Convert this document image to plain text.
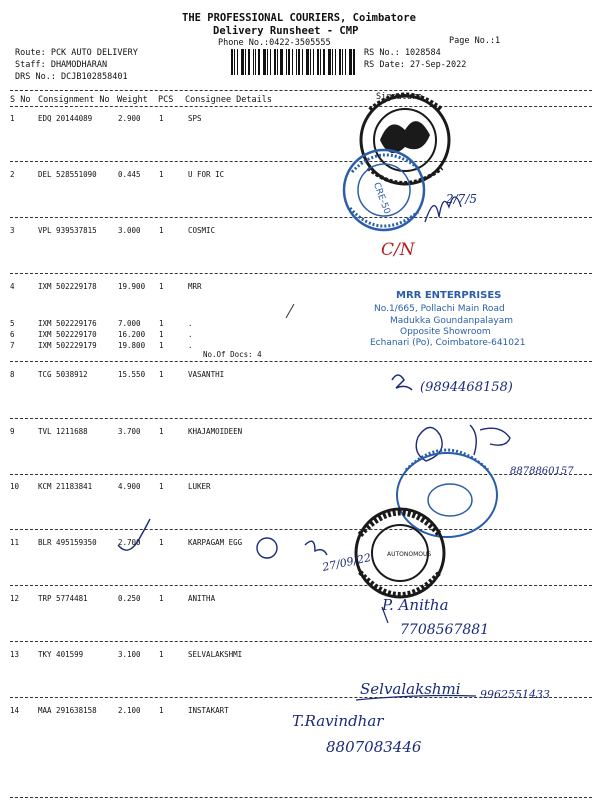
THE PROFESSIONAL COURIERS, Coimbatore
Delivery Runsheet - CMP
Phone No.:0422-3505555	Page No.:1
Route: PCK AUTO DELIVERY
Staff: DHAMODHARAN
DRS No.: DCJB102858401
RS No.: 1028584
RS Date: 27-Sep-2022
S No Consignment No Weight PCS Consignee Details	Signature
1	EDQ 20144089	2.900 1	SPS
2	DEL 528551090	0.445 1	U FOR IC
3	VPL 939537815	3.000 1	COSMIC
4	IXM 502229178	19.900 1	MRR
5	IXM 502229176	7.000 1	.
6	IXM 502229170	16.200 1	.
7	IXM 502229179	19.800 1	.
8	TCG 5038912	15.550 1	VASANTHI
9	TVL 1211688	3.700 1	KHAJAMOIDEEN
10	KCM 21183841	4.900 1	LUKER
11	BLR 495159350	2.700 1	KARPAGAM EGG
12	TRP 5774481	0.250 1	ANITHA
13	TKY 401599	3.100 1	SELVALAKSHMI
14	MAA 291638158	2.100 1	INSTAKART
No.Of Docs: 4
CRE-50
AUTONOMOUS
MRR ENTERPRISES
No.1/665, Pollachi Main Road
Madukka Goundanpalayam
Opposite Showroom
Echanari (Po), Coimbatore-641021
C/N
2/7/5
(9894468158)
8878860157
27/09/22
P. Anitha
7708567881
Selvalakshmi 9962551433
T.Ravindhar
8807083446
